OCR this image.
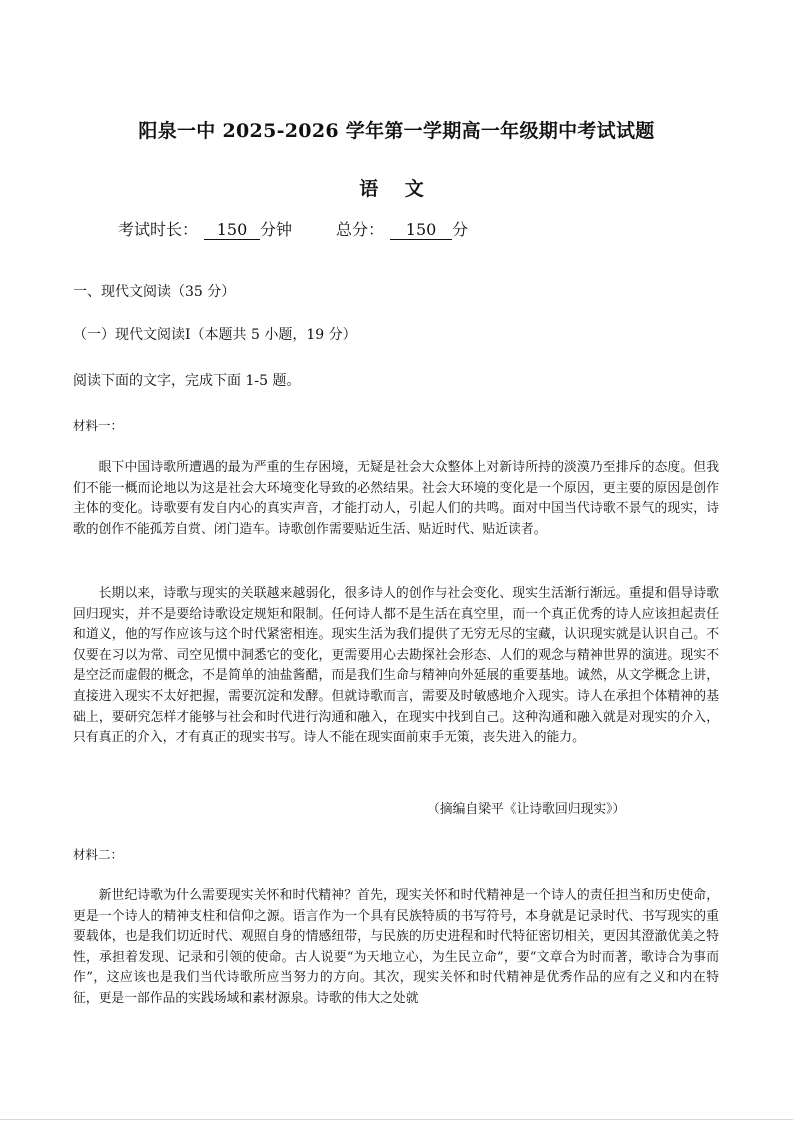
阳泉一中 2025-2026 学年第一学期高一年级期中考试试题
语 文
考试时长： 150 分钟	总分： 150 分
一、现代文阅读（35 分）
（一）现代文阅读Ⅰ（本题共 5 小题，19 分）
阅读下面的文字，完成下面 1-5 题。
材料一：

眼下中国诗歌所遭遇的最为严重的生存困境，无疑是社会大众整体上对新诗所持的淡漠乃至排斥的态度。但我们不能一概而论地以为这是社会大环境变化导致的必然结果。社会大环境的变化是一个原因，更主要的原因是创作主体的变化。诗歌要有发自内心的真实声音，才能打动人，引起人们的共鸣。面对中国当代诗歌不景气的现实，诗歌的创作不能孤芳自赏、闭门造车。诗歌创作需要贴近生活、贴近时代、贴近读者。

长期以来，诗歌与现实的关联越来越弱化，很多诗人的创作与社会变化、现实生活渐行渐远。重提和倡导诗歌回归现实，并不是要给诗歌设定规矩和限制。任何诗人都不是生活在真空里，而一个真正优秀的诗人应该担起责任和道义，他的写作应该与这个时代紧密相连。现实生活为我们提供了无穷无尽的宝藏，认识现实就是认识自己。不仅要在习以为常、司空见惯中洞悉它的变化，更需要用心去勘探社会形态、人们的观念与精神世界的演进。现实不是空泛而虚假的概念，不是简单的油盐酱醋，而是我们生命与精神向外延展的重要基地。诚然，从文学概念上讲，直接进入现实不太好把握，需要沉淀和发酵。但就诗歌而言，需要及时敏感地介入现实。诗人在承担个体精神的基础上，要研究怎样才能够与社会和时代进行沟通和融入，在现实中找到自己。这种沟通和融入就是对现实的介入，只有真正的介入，才有真正的现实书写。诗人不能在现实面前束手无策，丧失进入的能力。

（摘编自梁平《让诗歌回归现实》）
材料二：

新世纪诗歌为什么需要现实关怀和时代精神？首先，现实关怀和时代精神是一个诗人的责任担当和历史使命，更是一个诗人的精神支柱和信仰之源。语言作为一个具有民族特质的书写符号，本身就是记录时代、书写现实的重要载体，也是我们切近时代、观照自身的情感纽带，与民族的历史进程和时代特征密切相关，更因其澄澈优美之特性，承担着发现、记录和引领的使命。古人说要“为天地立心，为生民立命”，要“文章合为时而著，歌诗合为事而作”，这应该也是我们当代诗歌所应当努力的方向。其次，现实关怀和时代精神是优秀作品的应有之义和内在特征，更是一部作品的实践场域和素材源泉。诗歌的伟大之处就
